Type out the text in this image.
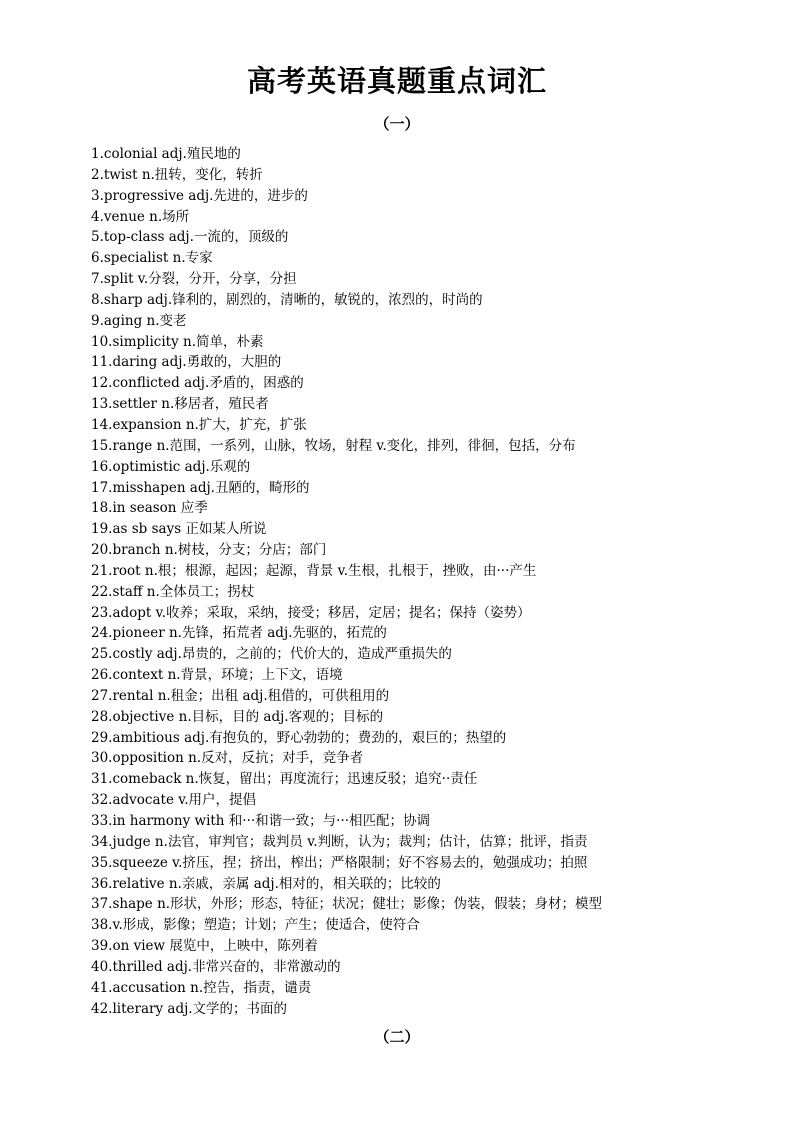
高考英语真题重点词汇
（一）
1.colonial adj.殖民地的
2.twist n.扭转，变化，转折
3.progressive adj.先进的，进步的
4.venue n.场所
5.top-class adj.一流的，顶级的
6.specialist n.专家
7.split v.分裂，分开，分享，分担
8.sharp adj.锋利的，剧烈的，清晰的，敏锐的，浓烈的，时尚的
9.aging n.变老
10.simplicity n.简单，朴素
11.daring adj.勇敢的，大胆的
12.conflicted adj.矛盾的，困惑的
13.settler n.移居者，殖民者
14.expansion n.扩大，扩充，扩张
15.range n.范围，一系列，山脉，牧场，射程 v.变化，排列，徘徊，包括，分布
16.optimistic adj.乐观的
17.misshapen adj.丑陋的，畸形的
18.in season 应季
19.as sb says 正如某人所说
20.branch n.树枝，分支；分店；部门
21.root n.根；根源，起因；起源，背景 v.生根，扎根于，挫败，由···产生
22.staff n.全体员工；拐杖
23.adopt v.收养；采取，采纳，接受；移居，定居；提名；保持（姿势）
24.pioneer n.先锋，拓荒者 adj.先驱的，拓荒的
25.costly adj.昂贵的，之前的；代价大的，造成严重损失的
26.context n.背景，环境；上下文，语境
27.rental n.租金；出租 adj.租借的，可供租用的
28.objective n.目标，目的 adj.客观的；目标的
29.ambitious adj.有抱负的，野心勃勃的；费劲的，艰巨的；热望的
30.opposition n.反对，反抗；对手，竞争者
31.comeback n.恢复，留出；再度流行；迅速反驳；追究··责任
32.advocate v.用户，提倡
33.in harmony with 和···和谐一致；与···相匹配；协调
34.judge n.法官，审判官；裁判员 v.判断，认为；裁判；估计，估算；批评，指责
35.squeeze v.挤压，捏；挤出，榨出；严格限制；好不容易去的，勉强成功；拍照
36.relative n.亲戚，亲属 adj.相对的，相关联的；比较的
37.shape n.形状，外形；形态，特征；状况；健壮；影像；伪装，假装；身材；模型
38.v.形成，影像；塑造；计划；产生；使适合，使符合
39.on view 展览中，上映中，陈列着
40.thrilled adj.非常兴奋的，非常激动的
41.accusation n.控告，指责，谴责
42.literary adj.文学的；书面的
（二）
